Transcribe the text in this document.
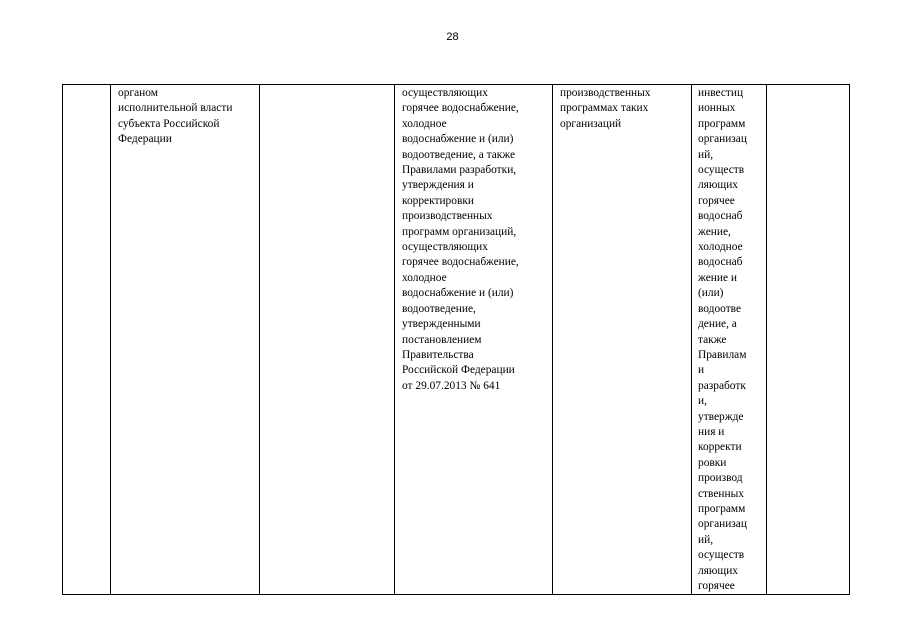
28

органом
исполнительной власти
субъекта Российской
Федерации

осуществляющих
горячее водоснабжение,
холодное
водоснабжение и (или)
водоотведение, а также
Правилами разработки,
утверждения и
корректировки
производственных
программ организаций,
осуществляющих
горячее водоснабжение,
холодное
водоснабжение и (или)
водоотведение,
утвержденными
постановлением
Правительства
Российской Федерации
от 29.07.2013 № 641

производственных
программах таких
организаций

инвестиц
ионных
программ
организац
ий,
осуществ
ляющих
горячее
водоснаб
жение,
холодное
водоснаб
жение и
(или)
водоотве
дение, а
также
Правилам
и
разработк
и,
утвержде
ния и
корректи
ровки
производ
ственных
программ
организац
ий,
осуществ
ляющих
горячее
